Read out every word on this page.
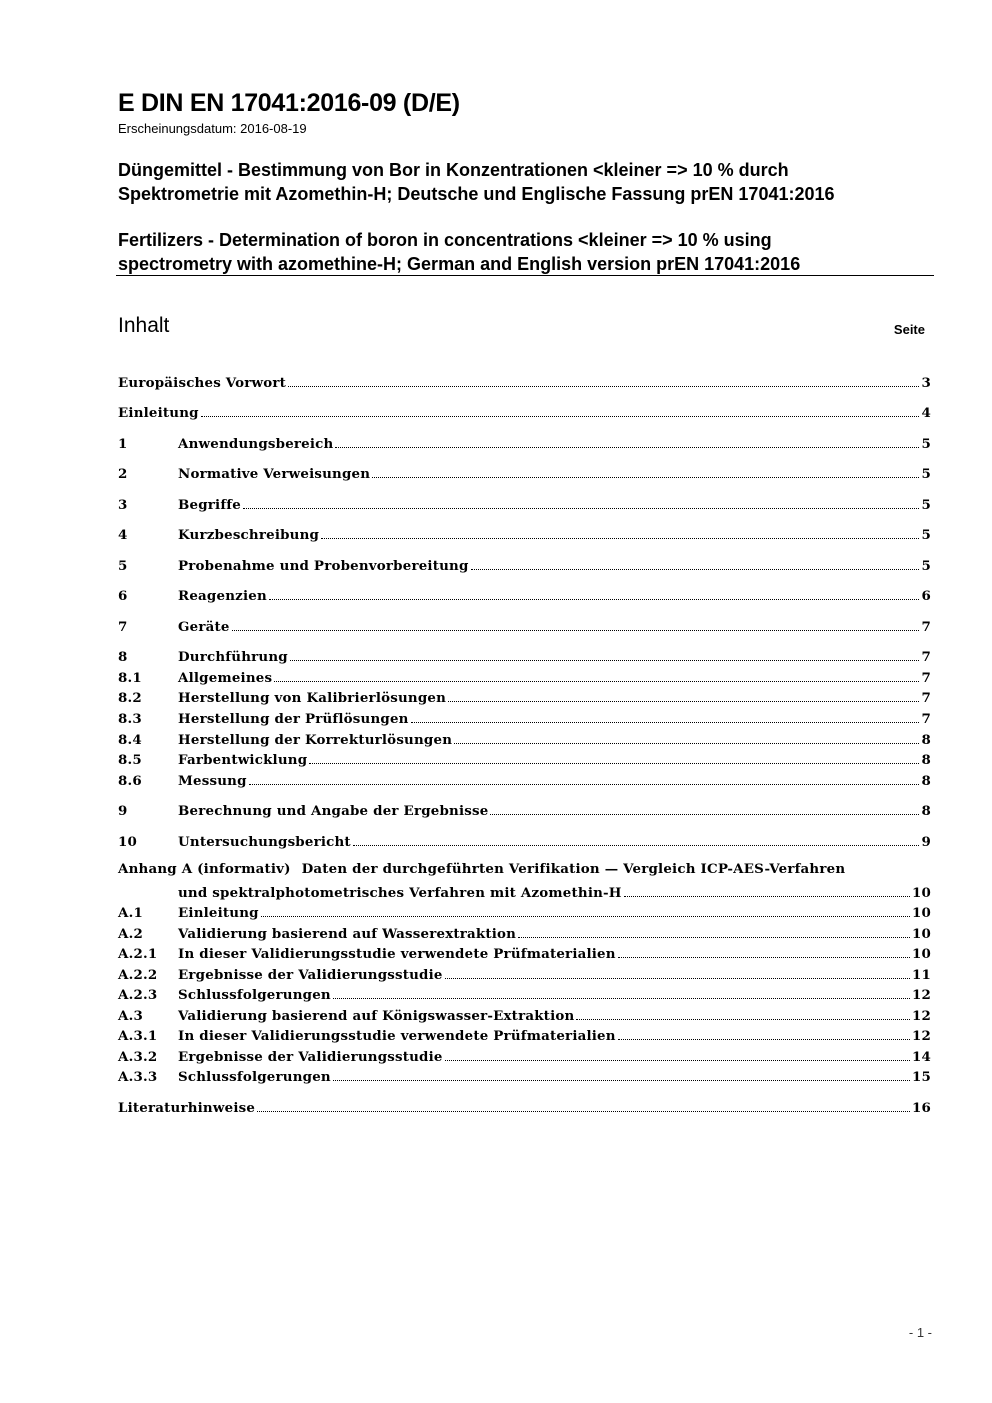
E DIN EN 17041:2016-09 (D/E)
Erscheinungsdatum: 2016-08-19
Düngemittel - Bestimmung von Bor in Konzentrationen <kleiner => 10 % durch
Spektrometrie mit Azomethin-H; Deutsche und Englische Fassung prEN 17041:2016
Fertilizers - Determination of boron in concentrations <kleiner => 10 % using
spectrometry with azomethine-H; German and English version prEN 17041:2016
Inhalt	Seite
Europäisches Vorwort	3
Einleitung	4
1	Anwendungsbereich	5
2	Normative Verweisungen	5
3	Begriffe	5
4	Kurzbeschreibung	5
5	Probenahme und Probenvorbereitung	5
6	Reagenzien	6
7	Geräte	7
8	Durchführung	7
8.1	Allgemeines	7
8.2	Herstellung von Kalibrierlösungen	7
8.3	Herstellung der Prüflösungen	7
8.4	Herstellung der Korrekturlösungen	8
8.5	Farbentwicklung	8
8.6	Messung	8
9	Berechnung und Angabe der Ergebnisse	8
10	Untersuchungsbericht	9
Anhang A (informativ) Daten der durchgeführten Verifikation — Vergleich ICP-AES-Verfahren
und spektralphotometrisches Verfahren mit Azomethin-H	10
A.1	Einleitung	10
A.2	Validierung basierend auf Wasserextraktion	10
A.2.1	In dieser Validierungsstudie verwendete Prüfmaterialien	10
A.2.2	Ergebnisse der Validierungsstudie	11
A.2.3	Schlussfolgerungen	12
A.3	Validierung basierend auf Königswasser-Extraktion	12
A.3.1	In dieser Validierungsstudie verwendete Prüfmaterialien	12
A.3.2	Ergebnisse der Validierungsstudie	14
A.3.3	Schlussfolgerungen	15
Literaturhinweise	16
- 1 -
